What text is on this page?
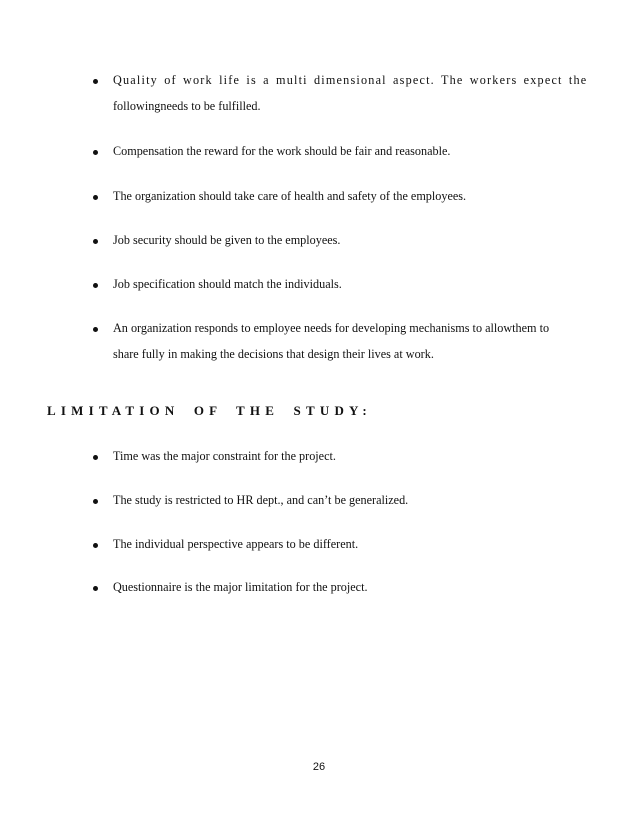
Quality of work life is a multi dimensional aspect. The workers expect the
followingneeds to be fulfilled.
Compensation the reward for the work should be fair and reasonable.
The organization should take care of health and safety of the employees.
Job security should be given to the employees.
Job specification should match the individuals.
An organization responds to employee needs for developing mechanisms to allowthem to
share fully in making the decisions that design their lives at work.
LIMITATION OF THE STUDY:
Time was the major constraint for the project.
The study is restricted to HR dept., and can’t be generalized.
The individual perspective appears to be different.
Questionnaire is the major limitation for the project.
26
